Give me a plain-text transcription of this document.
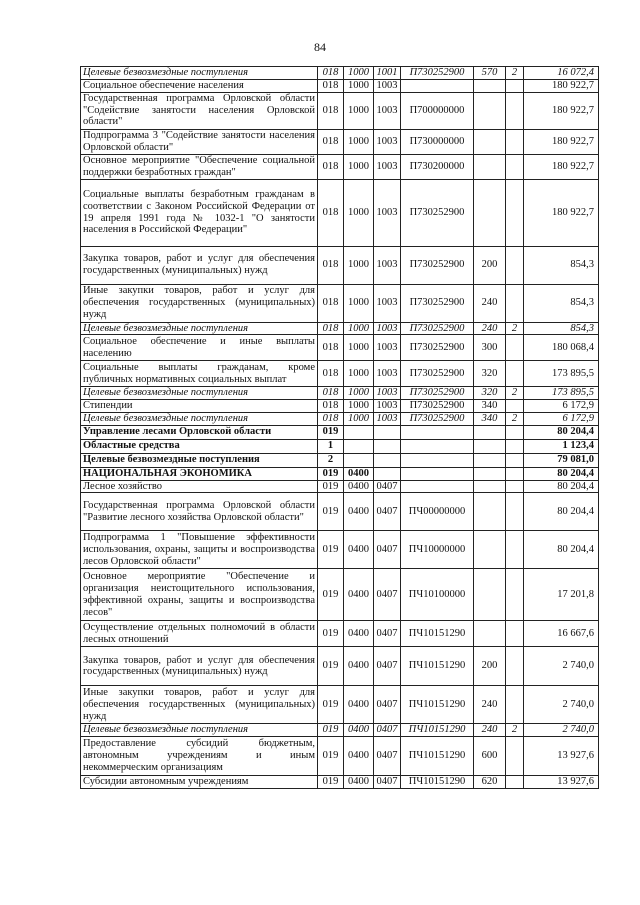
84
Целевые безвозмездные поступления	018	1000	1001	П730252900	570	2	16 072,4
Социальное обеспечение населения	018	1000	1003				180 922,7
Государственная программа Орловской области "Содействие занятости населения Орловской области"	018	1000	1003	П700000000			180 922,7
Подпрограмма 3 "Содействие занятости населения Орловской области"	018	1000	1003	П730000000			180 922,7
Основное мероприятие "Обеспечение социальной поддержки безработных граждан"	018	1000	1003	П730200000			180 922,7
Социальные выплаты безработным гражданам в соответствии с Законом Российской Федерации от 19 апреля 1991 года № 1032-1 "О занятости населения в Российской Федерации"	018	1000	1003	П730252900			180 922,7
Закупка товаров, работ и услуг для обеспечения государственных (муниципальных) нужд	018	1000	1003	П730252900	200		854,3
Иные закупки товаров, работ и услуг для обеспечения государственных (муниципальных) нужд	018	1000	1003	П730252900	240		854,3
Целевые безвозмездные поступления	018	1000	1003	П730252900	240	2	854,3
Социальное обеспечение и иные выплаты населению	018	1000	1003	П730252900	300		180 068,4
Социальные выплаты гражданам, кроме публичных нормативных социальных выплат	018	1000	1003	П730252900	320		173 895,5
Целевые безвозмездные поступления	018	1000	1003	П730252900	320	2	173 895,5
Стипендии	018	1000	1003	П730252900	340		6 172,9
Целевые безвозмездные поступления	018	1000	1003	П730252900	340	2	6 172,9
Управление лесами Орловской области	019						80 204,4
Областные средства	1						1 123,4
Целевые безвозмездные поступления	2						79 081,0
НАЦИОНАЛЬНАЯ ЭКОНОМИКА	019	0400					80 204,4
Лесное хозяйство	019	0400	0407				80 204,4
Государственная программа Орловской области "Развитие лесного хозяйства Орловской области"	019	0400	0407	ПЧ00000000			80 204,4
Подпрограмма 1 "Повышение эффективности использования, охраны, защиты и воспроизводства лесов Орловской области"	019	0400	0407	ПЧ10000000			80 204,4
Основное мероприятие "Обеспечение и организация неистощительного использования, эффективной охраны, защиты и воспроизводства лесов"	019	0400	0407	ПЧ10100000			17 201,8
Осуществление отдельных полномочий в области лесных отношений	019	0400	0407	ПЧ10151290			16 667,6
Закупка товаров, работ и услуг для обеспечения государственных (муниципальных) нужд	019	0400	0407	ПЧ10151290	200		2 740,0
Иные закупки товаров, работ и услуг для обеспечения государственных (муниципальных) нужд	019	0400	0407	ПЧ10151290	240		2 740,0
Целевые безвозмездные поступления	019	0400	0407	ПЧ10151290	240	2	2 740,0
Предоставление субсидий бюджетным, автономным учреждениям и иным некоммерческим организациям	019	0400	0407	ПЧ10151290	600		13 927,6
Субсидии автономным учреждениям	019	0400	0407	ПЧ10151290	620		13 927,6
